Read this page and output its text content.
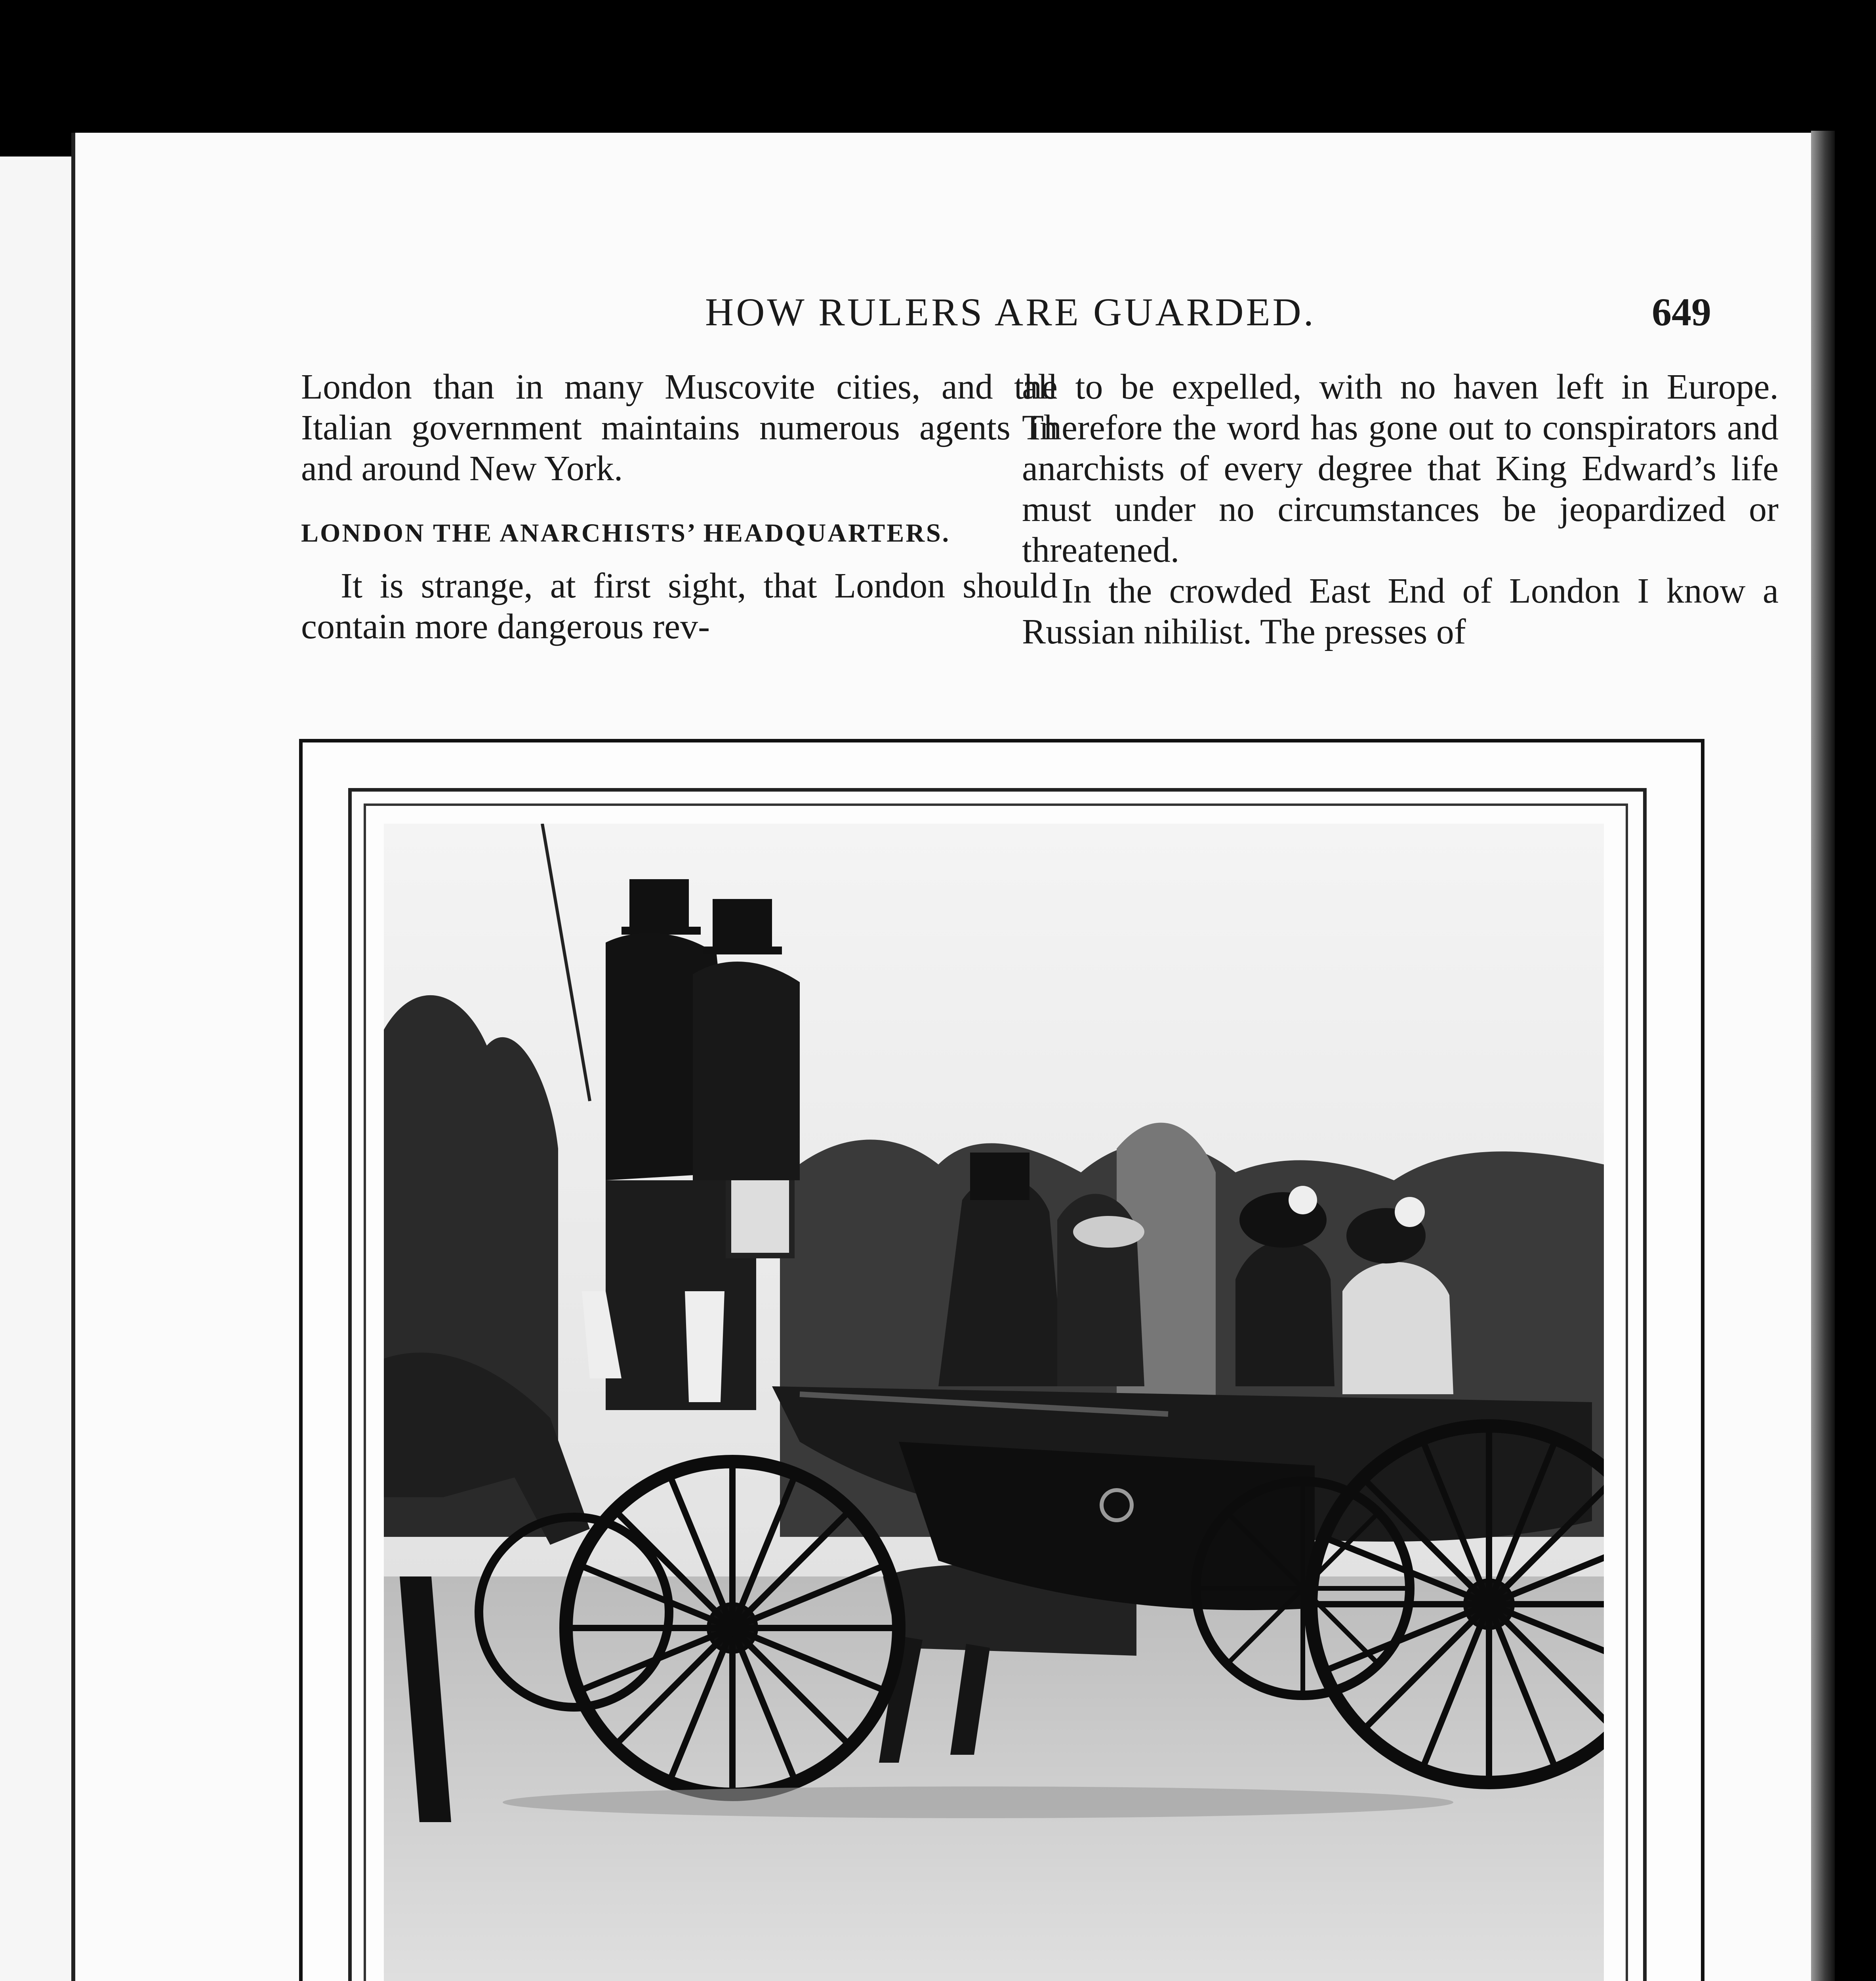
HOW RULERS ARE GUARDED.	649

London than in many Muscovite cities, and the Italian government maintains numerous agents in and around New York.

LONDON THE ANARCHISTS’ HEADQUARTERS.

It is strange, at first sight, that London should contain more dangerous rev-

all to be expelled, with no haven left in Europe. Therefore the word has gone out to conspirators and anarchists of every degree that King Edward’s life must under no circumstances be jeopardized or threatened.

In the crowded East End of London I know a Russian nihilist. The presses of
